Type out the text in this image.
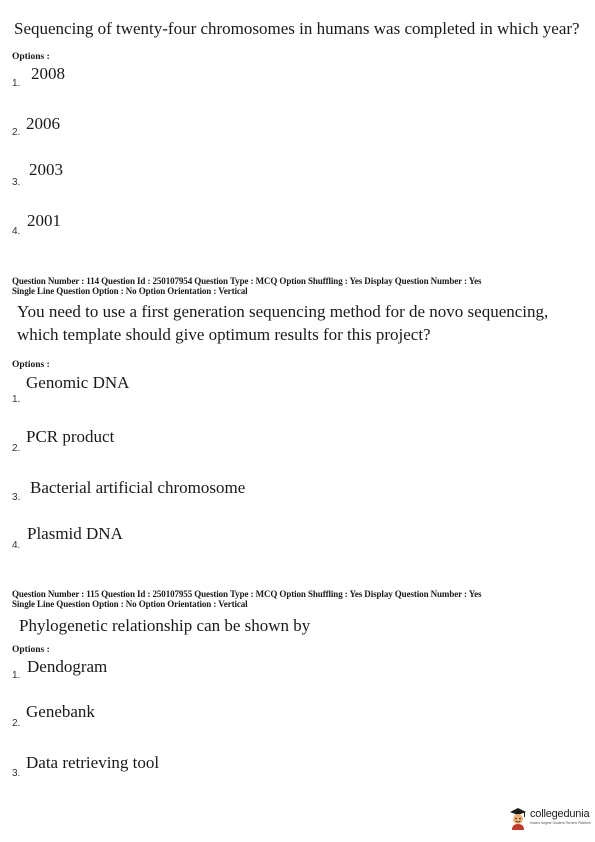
Sequencing of twenty-four chromosomes in humans was completed in which year?
Options :
2008
1.
2006
2.
2003
3.
2001
4.
Question Number : 114 Question Id : 250107954 Question Type : MCQ Option Shuffling : Yes Display Question Number : Yes
Single Line Question Option : No Option Orientation : Vertical
You need to use a first generation sequencing method for de novo sequencing, which template should give optimum results for this project?
Options :
Genomic DNA
1.
PCR product
2.
Bacterial artificial chromosome
3.
Plasmid DNA
4.
Question Number : 115 Question Id : 250107955 Question Type : MCQ Option Shuffling : Yes Display Question Number : Yes
Single Line Question Option : No Option Orientation : Vertical
Phylogenetic relationship can be shown by
Options :
Dendogram
1.
Genebank
2.
Data retrieving tool
3.
collegedunia
India's largest Student Review Platform
